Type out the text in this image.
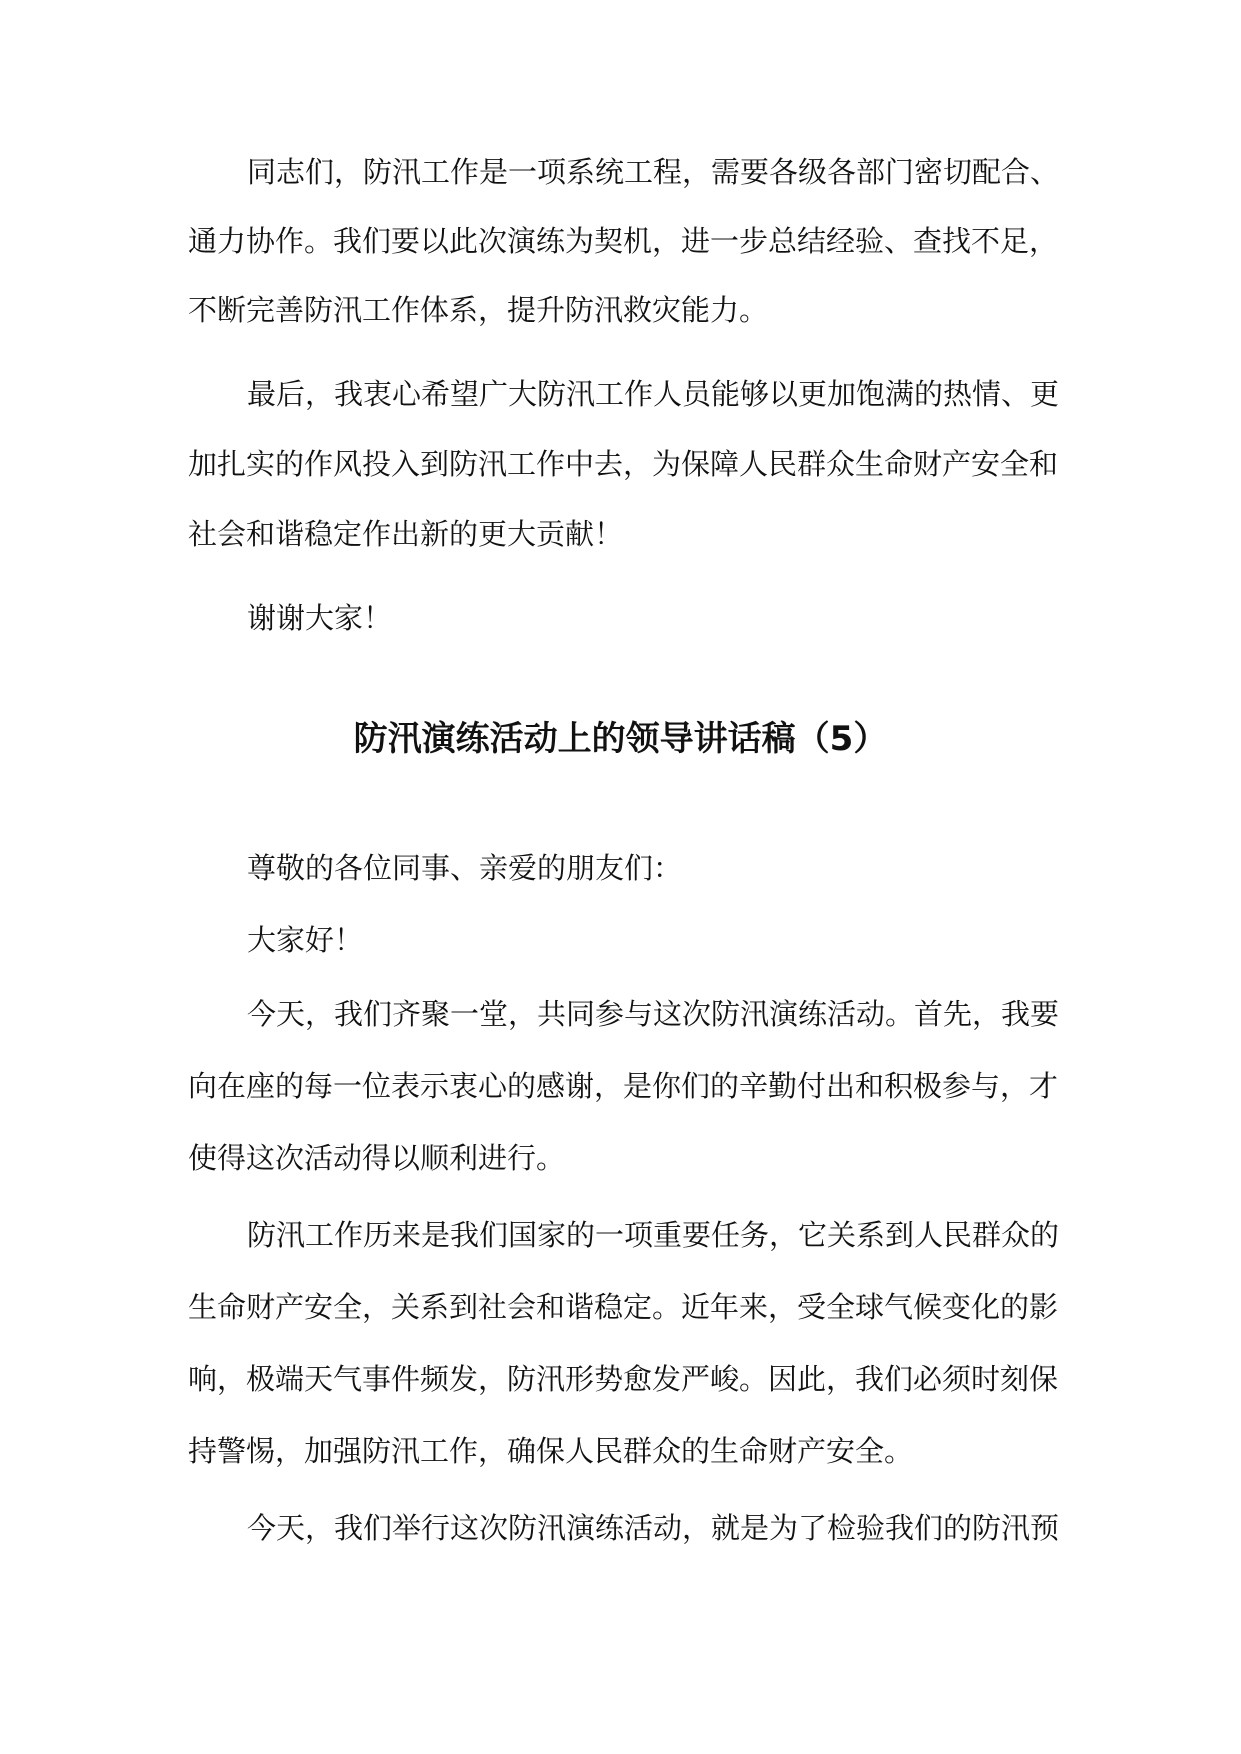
同志们，防汛工作是一项系统工程，需要各级各部门密切配合、
通力协作。我们要以此次演练为契机，进一步总结经验、查找不足，
不断完善防汛工作体系，提升防汛救灾能力。
最后，我衷心希望广大防汛工作人员能够以更加饱满的热情、更
加扎实的作风投入到防汛工作中去，为保障人民群众生命财产安全和
社会和谐稳定作出新的更大贡献！
谢谢大家！
防汛演练活动上的领导讲话稿（5）
尊敬的各位同事、亲爱的朋友们：
大家好！
今天，我们齐聚一堂，共同参与这次防汛演练活动。首先，我要
向在座的每一位表示衷心的感谢，是你们的辛勤付出和积极参与，才
使得这次活动得以顺利进行。
防汛工作历来是我们国家的一项重要任务，它关系到人民群众的
生命财产安全，关系到社会和谐稳定。近年来，受全球气候变化的影
响，极端天气事件频发，防汛形势愈发严峻。因此，我们必须时刻保
持警惕，加强防汛工作，确保人民群众的生命财产安全。
今天，我们举行这次防汛演练活动，就是为了检验我们的防汛预
